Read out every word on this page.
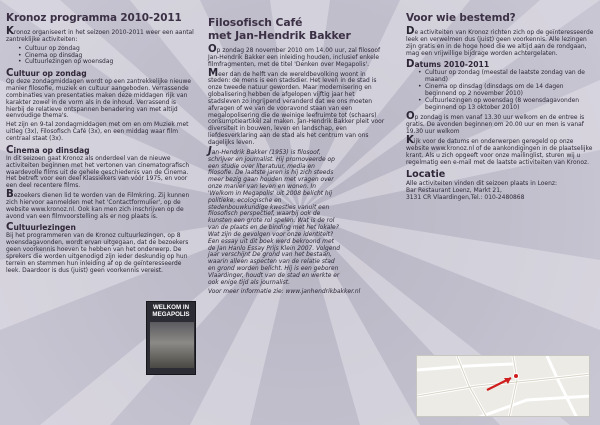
Kronoz programma 2010-2011

Kronoz organiseert in het seizoen 2010-2011 weer een aantal zantreklijke activiteiten:

• Cultuur op zondag
• Cinema op dinsdag
• Cultuurlezingen op woensdag
Cultuur op zondag

Op deze zondagmiddagen wordt op een zantrekkelijke nieuwe manier filosofie, muziek en cultuur aangeboden. Verrassende combinaties van presentaties maken deze middagen rijk van karakter zowel in de vorm als in de inhoud. Verrassend is hierbij de relatieve ontspannen benadering van met altijd eenvoudige thema's.

Het zijn en 9-tal zondagmiddagen met om en om Muziek met uitleg (3x), Filosofisch Café (3x), en een middag waar film centraal staat (3x).

Cinema op dinsdag

In dit seizoen gaat Kronoz als onderdeel van de nieuwe activiteiten beginnen met het vertonen van cinematografisch waardevolle films uit de gehele geschiedenis van de Cinema. Het betreft voor een deel Klassiekers van vóór 1975, en voor een deel recentere films.

Bezoekers dienen lid te worden van de Filmkring. Zij kunnen zich hiervoor aanmelden met het 'Contactformulier', op de website www.kronoz.nl. Ook kan men zich inschrijven op de avond van een filmvoorstelling als er nog plaats is.

Cultuurlezingen

Bij het programmeren van de Kronoz cultuurlezingen, op 8 woensdagavonden, wordt ervan uitgegaan, dat de bezoekers geen voorkennis hoeven te hebben van het onderwerp. De sprekers die worden uitgenodigd zijn ieder deskundig op hun terrein en stemmen hun inleiding af op de geïnteresseerde leek. Daardoor is dus (juist) geen voorkennis vereist.

Filosofisch Café
met Jan-Hendrik Bakker

Op zondag 28 november 2010 om 14.00 uur, zal filosoof Jan-Hendrik Bakker een inleiding houden, inclusief enkele filmfragmenten, met de titel 'Denken over Megapolis'.

Meer dan de helft van de wereldbevolking woont in steden: de mens is een stadsdier. Het leven in de stad is onze tweede natuur geworden. Maar modernisering en globalisering hebben de afgelopen vijftig jaar het stadsleven zo ingrijpend veranderd dat we ons moeten afvragen of we van de vooravond staan van een megalopolisering die de weinige leefruimte tot (schaars) consumptieartikel zal maken. Jan-Hendrik Bakker pleit voor diversiteit in bouwen, leven en landschap, een liefdesverklaring aan de stad als het centrum van ons dagelijks leven.

Jan-Hendrik Bakker (1953) is filosoof, schrijver en journalist. Hij promoveerde op een studie over literatuur, media en filosofie. De laatste jaren is hij zich steeds meer bezig gaan houden met vragen over onze manier van leven en wonen. In 'Welkom in Megapolis' uit 2008 belicht hij politieke, ecologische en stedenbouwkundige kwesties vanuit een filosofisch perspectief, waarbij ook de kunsten een grote rol spelen. Wat is de rol van de plaats en de binding met het lokale? Wat zijn de gevolgen voor onze identiteit? Een essay uit dit boek werd bekroond met de Jan Hanlo Essay Prijs Klein 2007. Volgend jaar verschijnt De grond van het bestaan, waarin alleen aspecten van de relatie stad en grond worden belicht. Hij is een geboren Vlaardinger, houdt van de stad en werkte er ook enige tijd als journalist.

Voor meer informatie zie: www.janhendrikbakker.nl

WELKOM IN
MEGAPOLIS
Voor wie bestemd?

De activiteiten van Kronoz richten zich op de geïnteresseerde leek en verwelmen dus (juist) geen voorkennis. Alle lezingen zijn gratis en in de hoge hoed die we altijd aan de rondgaan, mag een vrijwillige bijdrage worden achtergelaten.

Datums 2010-2011
• Cultuur op zondag (meestal de laatste zondag van de maand)
• Cinema op dinsdag (dinsdags om de 14 dagen beginnend op 2 november 2010)
• Cultuurlezingen op woensdag (8 woensdagavonden beginnend op 13 oktober 2010)

Op zondag is men vanaf 13.30 uur welkom en de entree is gratis. De avonden beginnen om 20.00 uur en men is vanaf 19.30 uur welkom

Kijk voor de datums en onderwerpen geregeld op onze website www.kronoz.nl of de aankondigingen in de plaatselijke krant. Als u zich opgeeft voor onze mailinglist, sturen wij u regelmatig een e-mail met de laatste activiteiten van Kronoz.

Locatie

Alle activiteiten vinden dit seizoen plaats in Loenz:

Bar Restaurant Loenz, Markt 21,

3131 CR Vlaardingen,Tel.: 010-2480868
